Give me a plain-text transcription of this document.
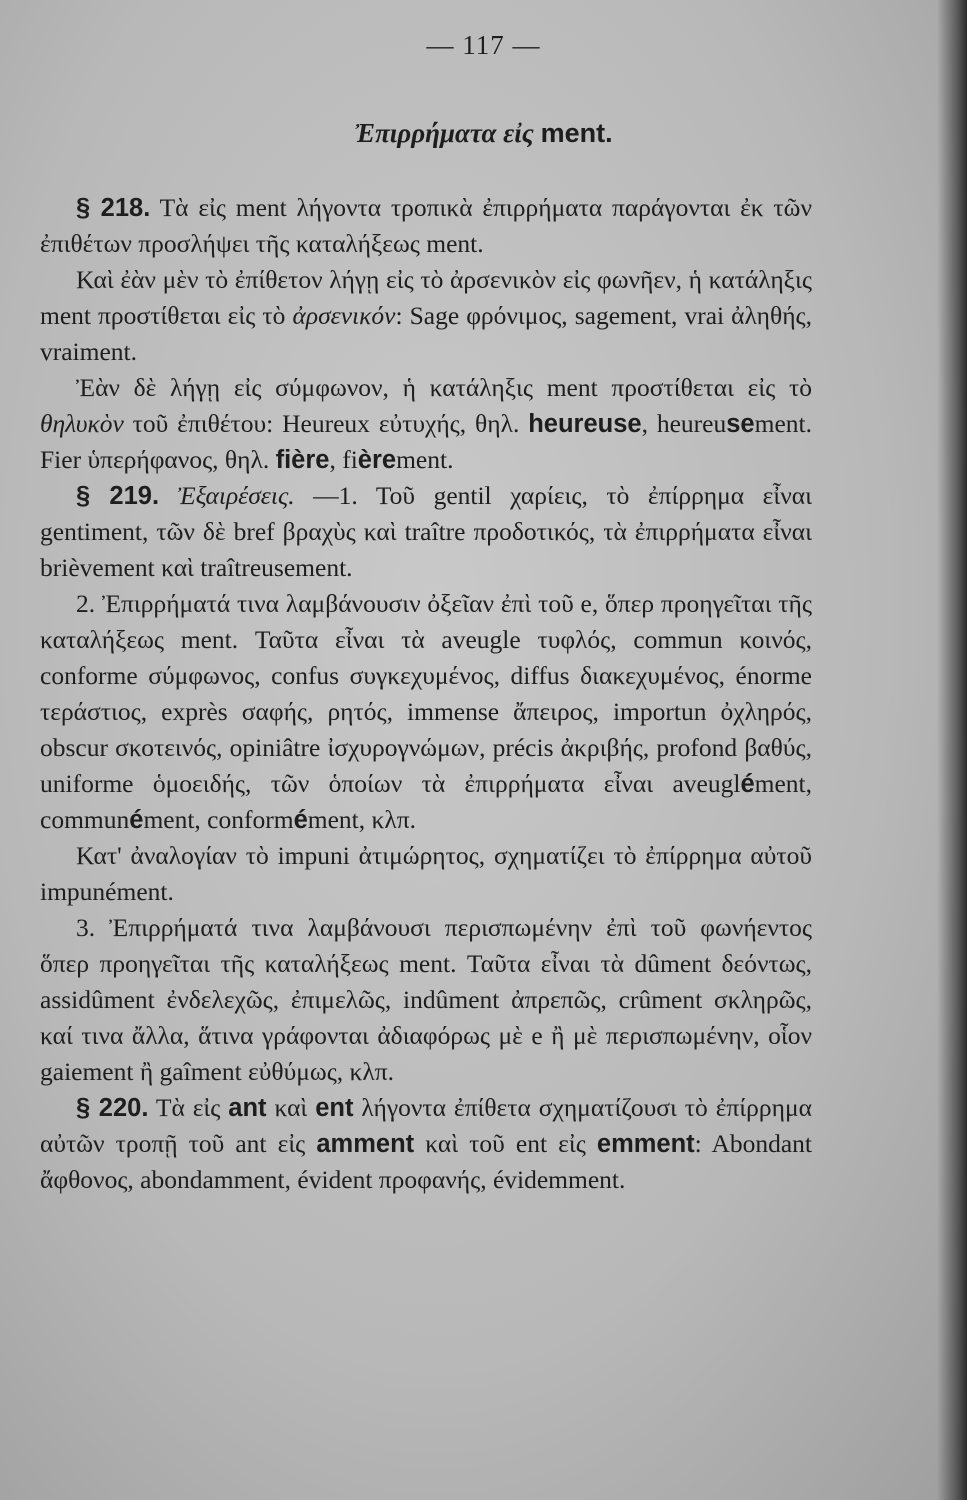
— 117 —
Ἐπιρρήματα εἰς ment.

§ 218. Τὰ εἰς ment λήγοντα τροπικὰ ἐπιρρήματα παράγονται ἐκ τῶν ἐπιθέτων προσλήψει τῆς καταλήξεως ment.

Καὶ ἐὰν μὲν τὸ ἐπίθετον λήγῃ εἰς τὸ ἀρσενικὸν εἰς φωνῆεν, ἡ κατάληξις ment προστίθεται εἰς τὸ ἀρσενικόν: Sage φρόνιμος, sagement, vrai ἀληθής, vraiment.

Ἐὰν δὲ λήγῃ εἰς σύμφωνον, ἡ κατάληξις ment προστίθεται εἰς τὸ θηλυκὸν τοῦ ἐπιθέτου: Heureux εὐτυχής, θηλ. heureuse, heureusement. Fier ὑπερήφανος, θηλ. fière, fièrement.

§ 219. Ἐξαιρέσεις. —1. Τοῦ gentil χαρίεις, τὸ ἐπίρρημα εἶναι gentiment, τῶν δὲ bref βραχὺς καὶ traître προδοτικός, τὰ ἐπιρρήματα εἶναι brièvement καὶ traîtreusement.

2. Ἐπιρρήματά τινα λαμβάνουσιν ὀξεῖαν ἐπὶ τοῦ e, ὅπερ προηγεῖται τῆς καταλήξεως ment. Ταῦτα εἶναι τὰ aveugle τυφλός, commun κοινός, conforme σύμφωνος, confus συγκεχυμένος, diffus διακεχυμένος, énorme τεράστιος, exprès σαφής, ρητός, immense ἄπειρος, importun ὀχληρός, obscur σκοτεινός, opiniâtre ἰσχυρογνώμων, précis ἀκριβής, profond βαθύς, uniforme ὁμοειδής, τῶν ὁποίων τὰ ἐπιρρήματα εἶναι aveuglément, communément, conformément, κλπ.

Κατ' ἀναλογίαν τὸ impuni ἀτιμώρητος, σχηματίζει τὸ ἐπίρρημα αὐτοῦ impunément.

3. Ἐπιρρήματά τινα λαμβάνουσι περισπωμένην ἐπὶ τοῦ φωνήεντος ὅπερ προηγεῖται τῆς καταλήξεως ment. Ταῦτα εἶναι τὰ dûment δεόντως, assidûment ἐνδελεχῶς, ἐπιμελῶς, indûment ἀπρεπῶς, crûment σκληρῶς, καί τινα ἄλλα, ἅτινα γράφονται ἀδιαφόρως μὲ e ἢ μὲ περισπωμένην, οἷον gaiement ἢ gaîment εὐθύμως, κλπ.

§ 220. Τὰ εἰς ant καὶ ent λήγοντα ἐπίθετα σχηματίζουσι τὸ ἐπίρρημα αὐτῶν τροπῇ τοῦ ant εἰς amment καὶ τοῦ ent εἰς emment: Abondant ἄφθονος, abondamment, évident προφανής, évidemment.
